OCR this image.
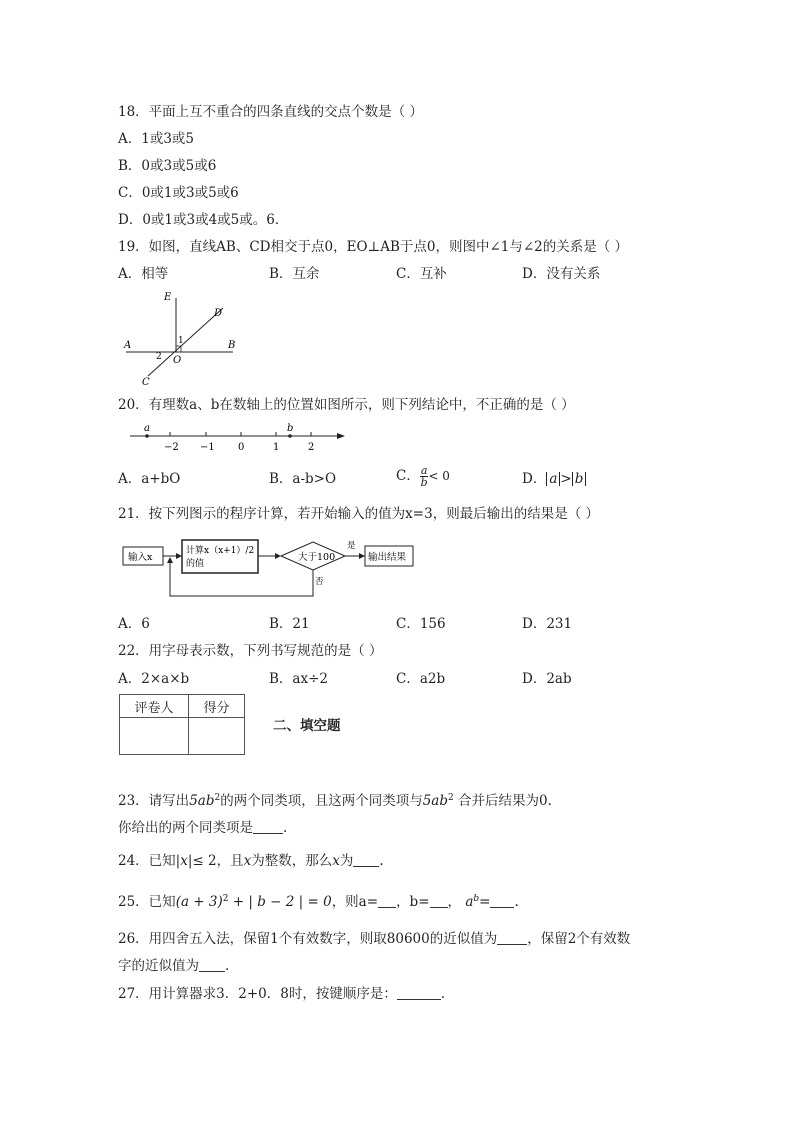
18．平面上互不重合的四条直线的交点个数是（ ）
A．1或3或5
B．0或3或5或6
C．0或1或3或5或6
D．0或1或3或4或5或。6．
19．如图，直线AB、CD相交于点0，EO⊥AB于点0，则图中∠1与∠2的关系是（ ）
A．相等	B．互余	C．互补	D．没有关系
E
D
A	B
O
C
1
2
20．有理数a、b在数轴上的位置如图所示，则下列结论中，不正确的是（ ）
a	b
−2 −1 0	1	2
A．a+bO	B．a-b>O	C． $\frac{a}{b} < 0$	D． a > b
21．按下列图示的程序计算，若开始输入的值为x=3，则最后输出的结果是（ ）
输入x
计算x（x+1）/2
的值
大于100
是
输出结果
否
A．6	B．21	C．156	D．231
22．用字母表示数，下列书写规范的是（ ）
A．2×a×b	B．ax÷2	C．a2b	D．2ab
评卷人	得分

二、填空题
23．请写出$5ab^2$的两个同类项，且这两个同类项与$5ab^2$ 合并后结果为0.
你给出的两个同类项是 .
24．已知|x|≤ 2，且x为整数，那么x为 .
25．已知$(a + 3)^2$ + | b − 2 | = 0，则a= ，b= ， $a^b=$ .
26．用四舍五入法，保留1个有效数字，则取80600的近似值为 ，保留2个有效数
字的近似值为 .
27．用计算器求3．2+0．8时，按键顺序是：	.
